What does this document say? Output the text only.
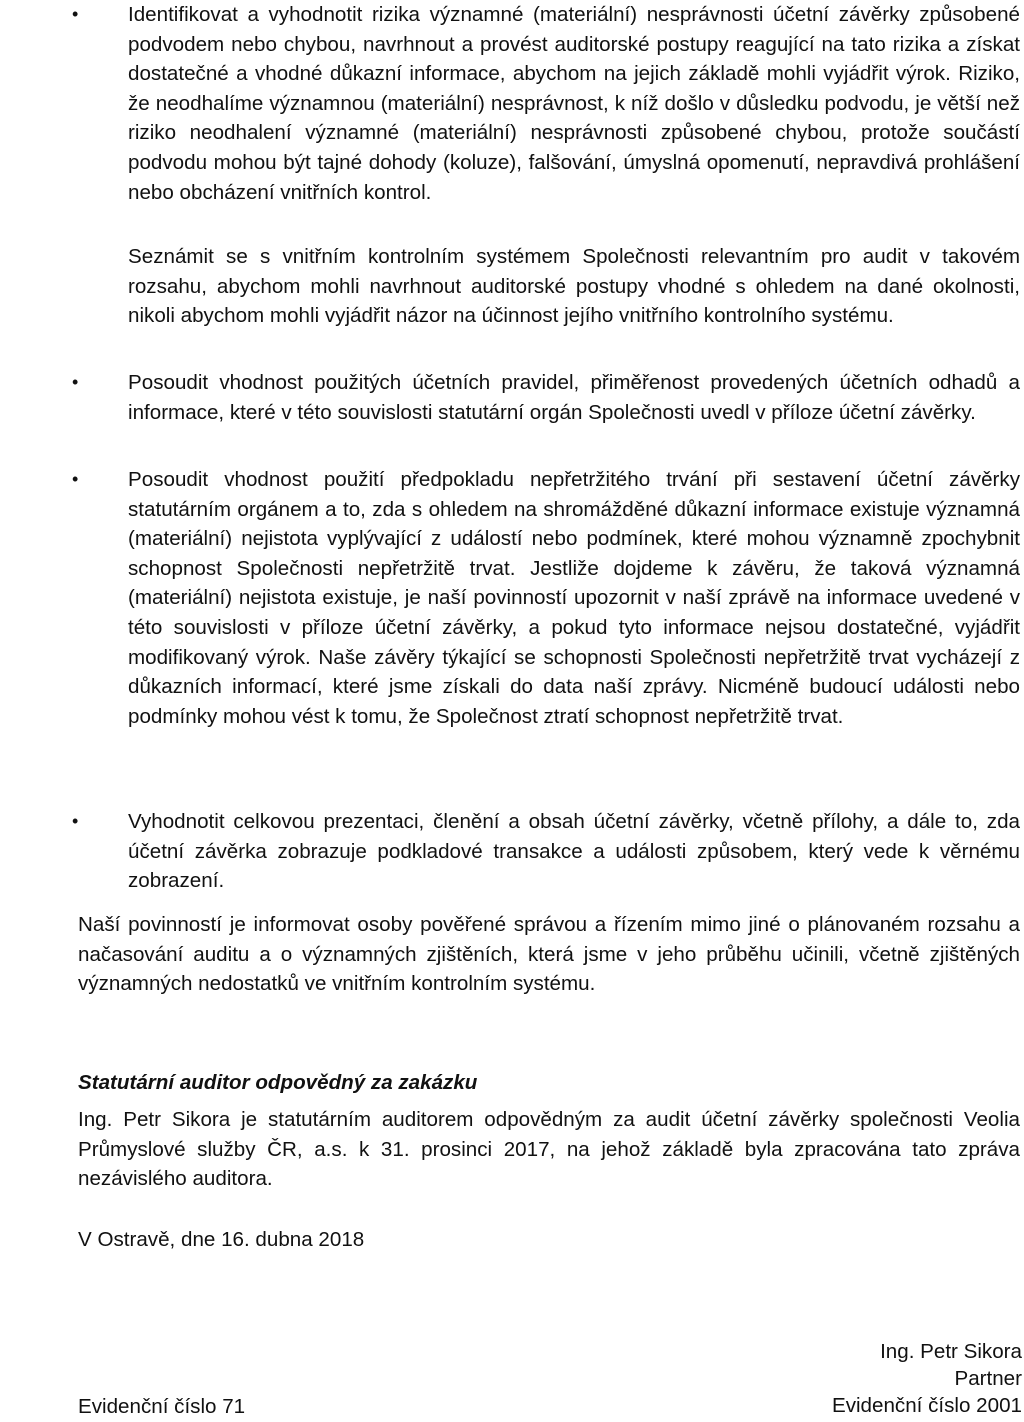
• Identifikovat a vyhodnotit rizika významné (materiální) nesprávnosti účetní závěrky způsobené podvodem nebo chybou, navrhnout a provést auditorské postupy reagující na tato rizika a získat dostatečné a vhodné důkazní informace, abychom na jejich základě mohli vyjádřit výrok. Riziko, že neodhalíme významnou (materiální) nesprávnost, k níž došlo v důsledku podvodu, je větší než riziko neodhalení významné (materiální) nesprávnosti způsobené chybou, protože součástí podvodu mohou být tajné dohody (koluze), falšování, úmyslná opomenutí, nepravdivá prohlášení nebo obcházení vnitřních kontrol.
Seznámit se s vnitřním kontrolním systémem Společnosti relevantním pro audit v takovém rozsahu, abychom mohli navrhnout auditorské postupy vhodné s ohledem na dané okolnosti, nikoli abychom mohli vyjádřit názor na účinnost jejího vnitřního kontrolního systému.
• Posoudit vhodnost použitých účetních pravidel, přiměřenost provedených účetních odhadů a informace, které v této souvislosti statutární orgán Společnosti uvedl v příloze účetní závěrky.
• Posoudit vhodnost použití předpokladu nepřetržitého trvání při sestavení účetní závěrky statutárním orgánem a to, zda s ohledem na shromážděné důkazní informace existuje významná (materiální) nejistota vyplývající z událostí nebo podmínek, které mohou významně zpochybnit schopnost Společnosti nepřetržitě trvat. Jestliže dojdeme k závěru, že taková významná (materiální) nejistota existuje, je naší povinností upozornit v naší zprávě na informace uvedené v této souvislosti v příloze účetní závěrky, a pokud tyto informace nejsou dostatečné, vyjádřit modifikovaný výrok. Naše závěry týkající se schopnosti Společnosti nepřetržitě trvat vycházejí z důkazních informací, které jsme získali do data naší zprávy. Nicméně budoucí události nebo podmínky mohou vést k tomu, že Společnost ztratí schopnost nepřetržitě trvat.
• Vyhodnotit celkovou prezentaci, členění a obsah účetní závěrky, včetně přílohy, a dále to, zda účetní závěrka zobrazuje podkladové transakce a události způsobem, který vede k věrnému zobrazení.

Naší povinností je informovat osoby pověřené správou a řízením mimo jiné o plánovaném rozsahu a načasování auditu a o významných zjištěních, která jsme v jeho průběhu učinili, včetně zjištěných významných nedostatků ve vnitřním kontrolním systému.

Statutární auditor odpovědný za zakázku

Ing. Petr Sikora je statutárním auditorem odpovědným za audit účetní závěrky společnosti Veolia Průmyslové služby ČR, a.s. k 31. prosinci 2017, na jehož základě byla zpracována tato zpráva nezávislého auditora.

V Ostravě, dne 16. dubna 2018

Ing. Petr Sikora
Partner
Evidenční číslo 2001
Evidenční číslo 71
